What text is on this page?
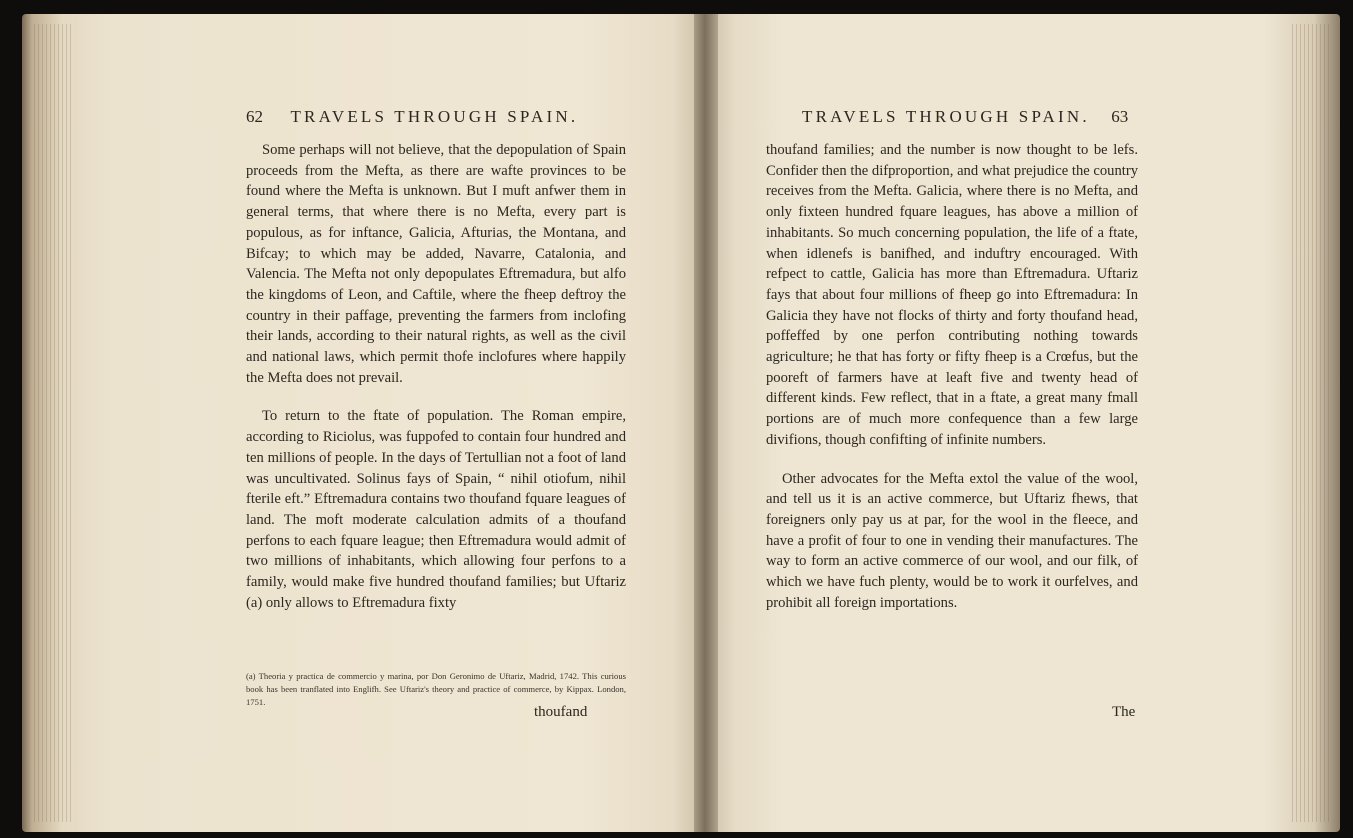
62 TRAVELS THROUGH SPAIN.

Some perhaps will not believe, that the depopulation of Spain proceeds from the Mefta, as there are wafte provinces to be found where the Mefta is unknown. But I muft anfwer them in general terms, that where there is no Mefta, every part is populous, as for inftance, Galicia, Afturias, the Montana, and Bifcay; to which may be added, Navarre, Catalonia, and Valencia. The Mefta not only depopulates Eftremadura, but alfo the kingdoms of Leon, and Caftile, where the fheep deftroy the country in their paffage, preventing the farmers from inclofing their lands, according to their natural rights, as well as the civil and national laws, which permit thofe inclofures where happily the Mefta does not prevail.

To return to the ftate of population. The Roman empire, according to Riciolus, was fuppofed to contain four hundred and ten millions of people. In the days of Tertullian not a foot of land was uncultivated. Solinus fays of Spain, “ nihil otiofum, nihil fterile eft.” Eftremadura contains two thoufand fquare leagues of land. The moft moderate calculation admits of a thoufand perfons to each fquare league; then Eftremadura would admit of two millions of inhabitants, which allowing four perfons to a family, would make five hundred thoufand families; but Uftariz (a) only allows to Eftremadura fixty

(a) Theoria y practica de commercio y marina, por Don Geronimo de Uftariz, Madrid, 1742. This curious book has been tranflated into Englifh. See Uftariz's theory and practice of commerce, by Kippax. London, 1751.
thoufand
TRAVELS THROUGH SPAIN. 63

thoufand families; and the number is now thought to be lefs. Confider then the difproportion, and what prejudice the country receives from the Mefta. Galicia, where there is no Mefta, and only fixteen hundred fquare leagues, has above a million of inhabitants. So much concerning population, the life of a ftate, when idlenefs is banifhed, and induftry encouraged. With refpect to cattle, Galicia has more than Eftremadura. Uftariz fays that about four millions of fheep go into Eftremadura: In Galicia they have not flocks of thirty and forty thoufand head, poffeffed by one perfon contributing nothing towards agriculture; he that has forty or fifty fheep is a Crœfus, but the pooreft of farmers have at leaft five and twenty head of different kinds. Few reflect, that in a ftate, a great many fmall portions are of much more confequence than a few large divifions, though confifting of infinite numbers.

Other advocates for the Mefta extol the value of the wool, and tell us it is an active commerce, but Uftariz fhews, that foreigners only pay us at par, for the wool in the fleece, and have a profit of four to one in vending their manufactures. The way to form an active commerce of our wool, and our filk, of which we have fuch plenty, would be to work it ourfelves, and prohibit all foreign importations.

The
